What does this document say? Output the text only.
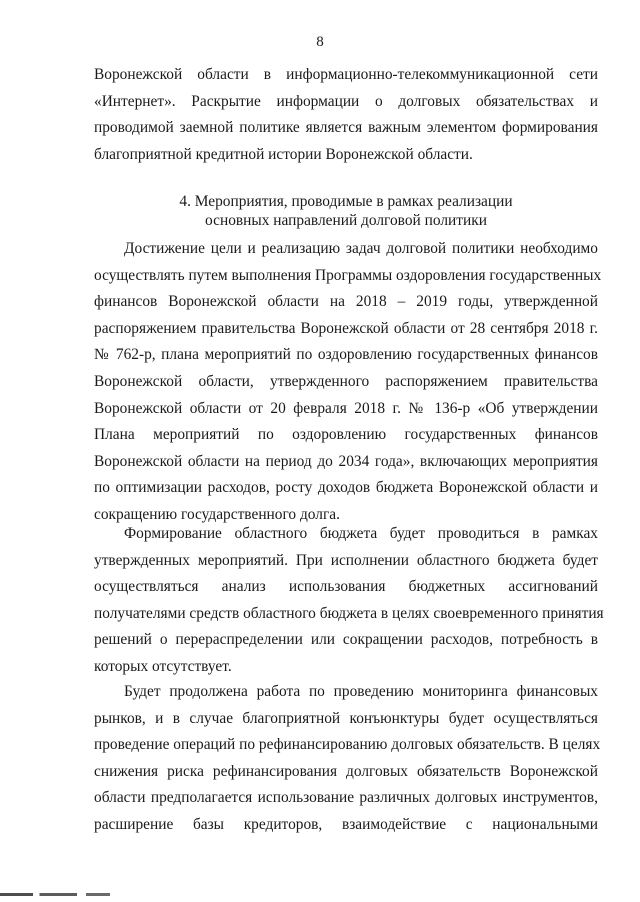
8
Воронежской области в информационно-телекоммуникационной сети
«Интернет». Раскрытие информации о долговых обязательствах и
проводимой заемной политике является важным элементом формирования
благоприятной кредитной истории Воронежской области.
4. Мероприятия, проводимые в рамках реализации
основных направлений долговой политики
Достижение цели и реализацию задач долговой политики необходимо
осуществлять путем выполнения Программы оздоровления государственных
финансов Воронежской области на 2018 – 2019 годы, утвержденной
распоряжением правительства Воронежской области от 28 сентября 2018 г.
№ 762-р, плана мероприятий по оздоровлению государственных финансов
Воронежской области, утвержденного распоряжением правительства
Воронежской области от 20 февраля 2018 г. № 136-р «Об утверждении
Плана мероприятий по оздоровлению государственных финансов
Воронежской области на период до 2034 года», включающих мероприятия
по оптимизации расходов, росту доходов бюджета Воронежской области и
сокращению государственного долга.
Формирование областного бюджета будет проводиться в рамках
утвержденных мероприятий. При исполнении областного бюджета будет
осуществляться анализ использования бюджетных ассигнований
получателями средств областного бюджета в целях своевременного принятия
решений о перераспределении или сокращении расходов, потребность в
которых отсутствует.
Будет продолжена работа по проведению мониторинга финансовых
рынков, и в случае благоприятной конъюнктуры будет осуществляться
проведение операций по рефинансированию долговых обязательств. В целях
снижения риска рефинансирования долговых обязательств Воронежской
области предполагается использование различных долговых инструментов,
расширение базы кредиторов, взаимодействие с национальными
